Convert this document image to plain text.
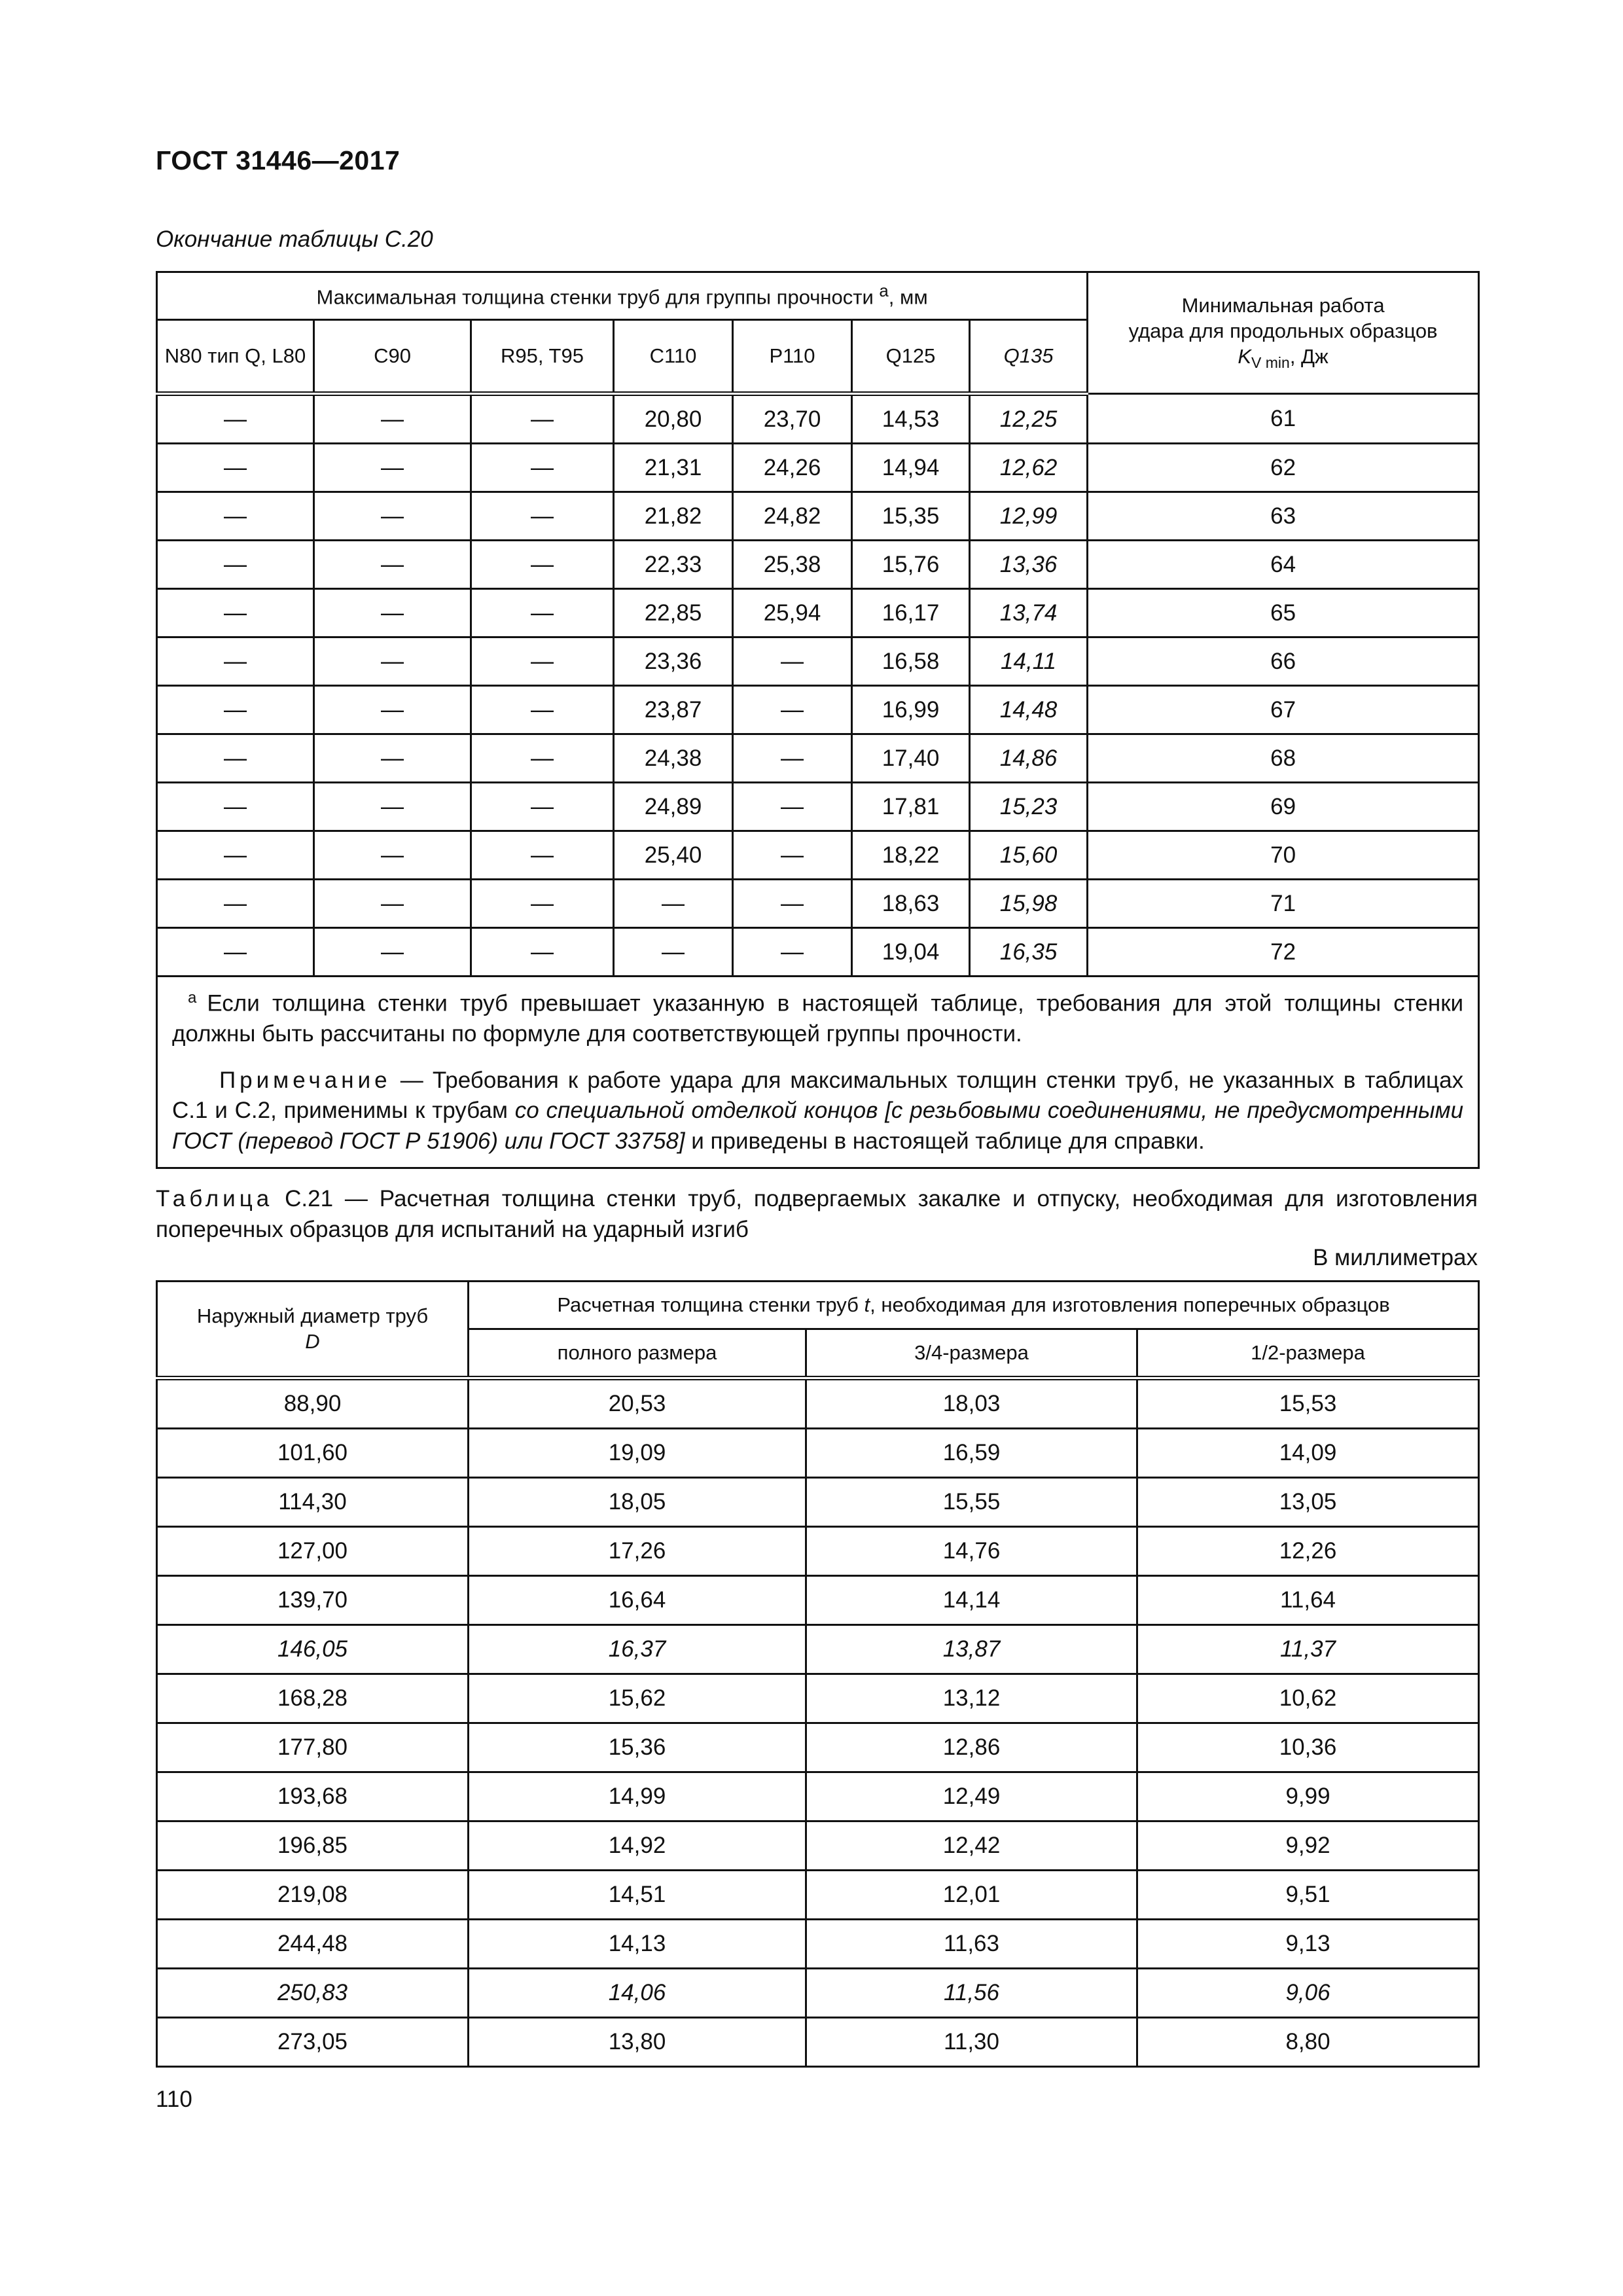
ГОСТ 31446—2017
Окончание таблицы С.20
Максимальная толщина стенки труб для группы прочности $^a$, мм							Минимальная работа
удара для продольных образцов
$K_{V min}$, Дж

N80 тип Q, L80	C90	R95, T95	C110	P110	Q125	Q135	
—	—	—	20,80	23,70	14,53	12,25	61
—	—	—	21,31	24,26	14,94	12,62	62
—	—	—	21,82	24,82	15,35	12,99	63
—	—	—	22,33	25,38	15,76	13,36	64
—	—	—	22,85	25,94	16,17	13,74	65
—	—	—	23,36	—	16,58	14,11	66
—	—	—	23,87	—	16,99	14,48	67
—	—	—	24,38	—	17,40	14,86	68
—	—	—	24,89	—	17,81	15,23	69
—	—	—	25,40	—	18,22	15,60	70
—	—	—	—	—	18,63	15,98	71
—	—	—	—	—	19,04	16,35	72

$^a$ Если толщина стенки труб превышает указанную в настоящей таблице, требования для этой толщины стенки должны быть рассчитаны по формуле для соответствующей группы прочности.

Примечание — Требования к работе удара для максимальных толщин стенки труб, не указанных в таблицах С.1 и С.2, применимы к трубам со специальной отделкой концов [с резьбовыми соединениями, не предусмотренными ГОСТ (перевод ГОСТ Р 51906) или ГОСТ 33758] и приведены в настоящей таблице для справки.							

Таблица С.21 — Расчетная толщина стенки труб, подвергаемых закалке и отпуску, необходимая для изготовления поперечных образцов для испытаний на ударный изгиб
В миллиметрах
Наружный диаметр труб
D	Расчетная толщина стенки труб t, необходимая для изготовления поперечных образцов		
	полного размера	3/4-размера	1/2-размера
88,90	20,53	18,03	15,53
101,60	19,09	16,59	14,09
114,30	18,05	15,55	13,05
127,00	17,26	14,76	12,26
139,70	16,64	14,14	11,64
146,05	16,37	13,87	11,37
168,28	15,62	13,12	10,62
177,80	15,36	12,86	10,36
193,68	14,99	12,49	9,99
196,85	14,92	12,42	9,92
219,08	14,51	12,01	9,51
244,48	14,13	11,63	9,13
250,83	14,06	11,56	9,06
273,05	13,80	11,30	8,80
110
